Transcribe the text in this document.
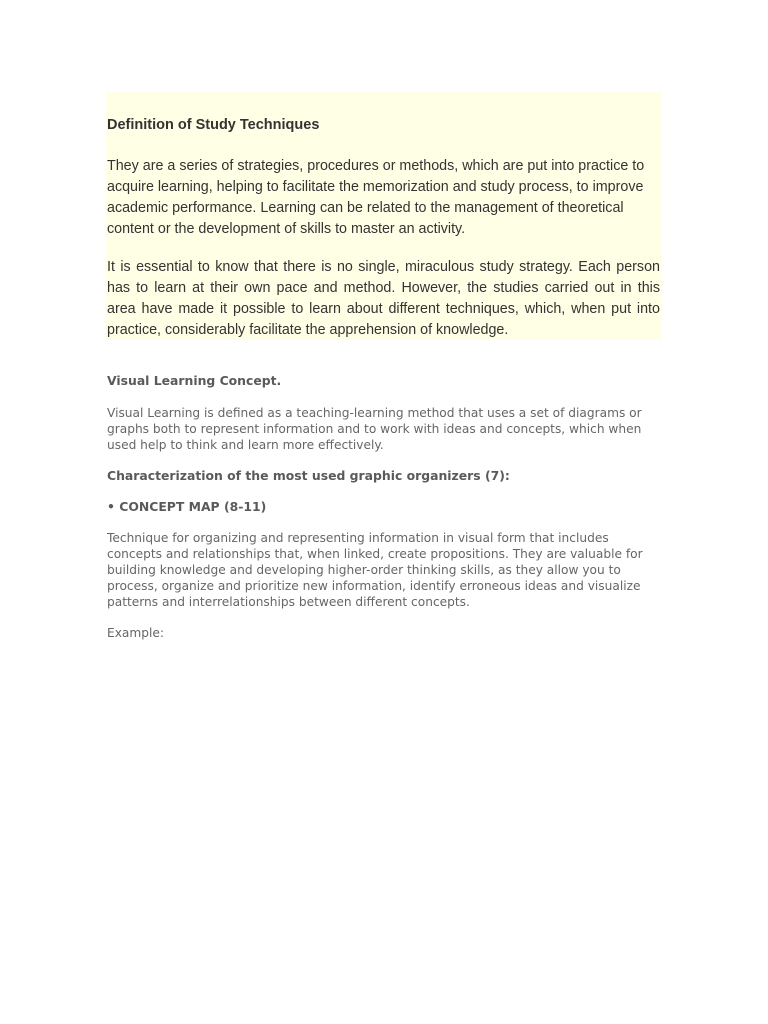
Definition of Study Techniques

They are a series of strategies, procedures or methods, which are put into practice to acquire learning, helping to facilitate the memorization and study process, to improve academic performance. Learning can be related to the management of theoretical content or the development of skills to master an activity.

It is essential to know that there is no single, miraculous study strategy. Each person has to learn at their own pace and method. However, the studies carried out in this area have made it possible to learn about different techniques, which, when put into practice, considerably facilitate the apprehension of knowledge.

Visual Learning Concept.

Visual Learning is defined as a teaching-learning method that uses a set of diagrams or graphs both to represent information and to work with ideas and concepts, which when used help to think and learn more effectively.

Characterization of the most used graphic organizers (7):

• CONCEPT MAP (8-11)

Technique for organizing and representing information in visual form that includes concepts and relationships that, when linked, create propositions. They are valuable for building knowledge and developing higher-order thinking skills, as they allow you to process, organize and prioritize new information, identify erroneous ideas and visualize patterns and interrelationships between different concepts.

Example:
